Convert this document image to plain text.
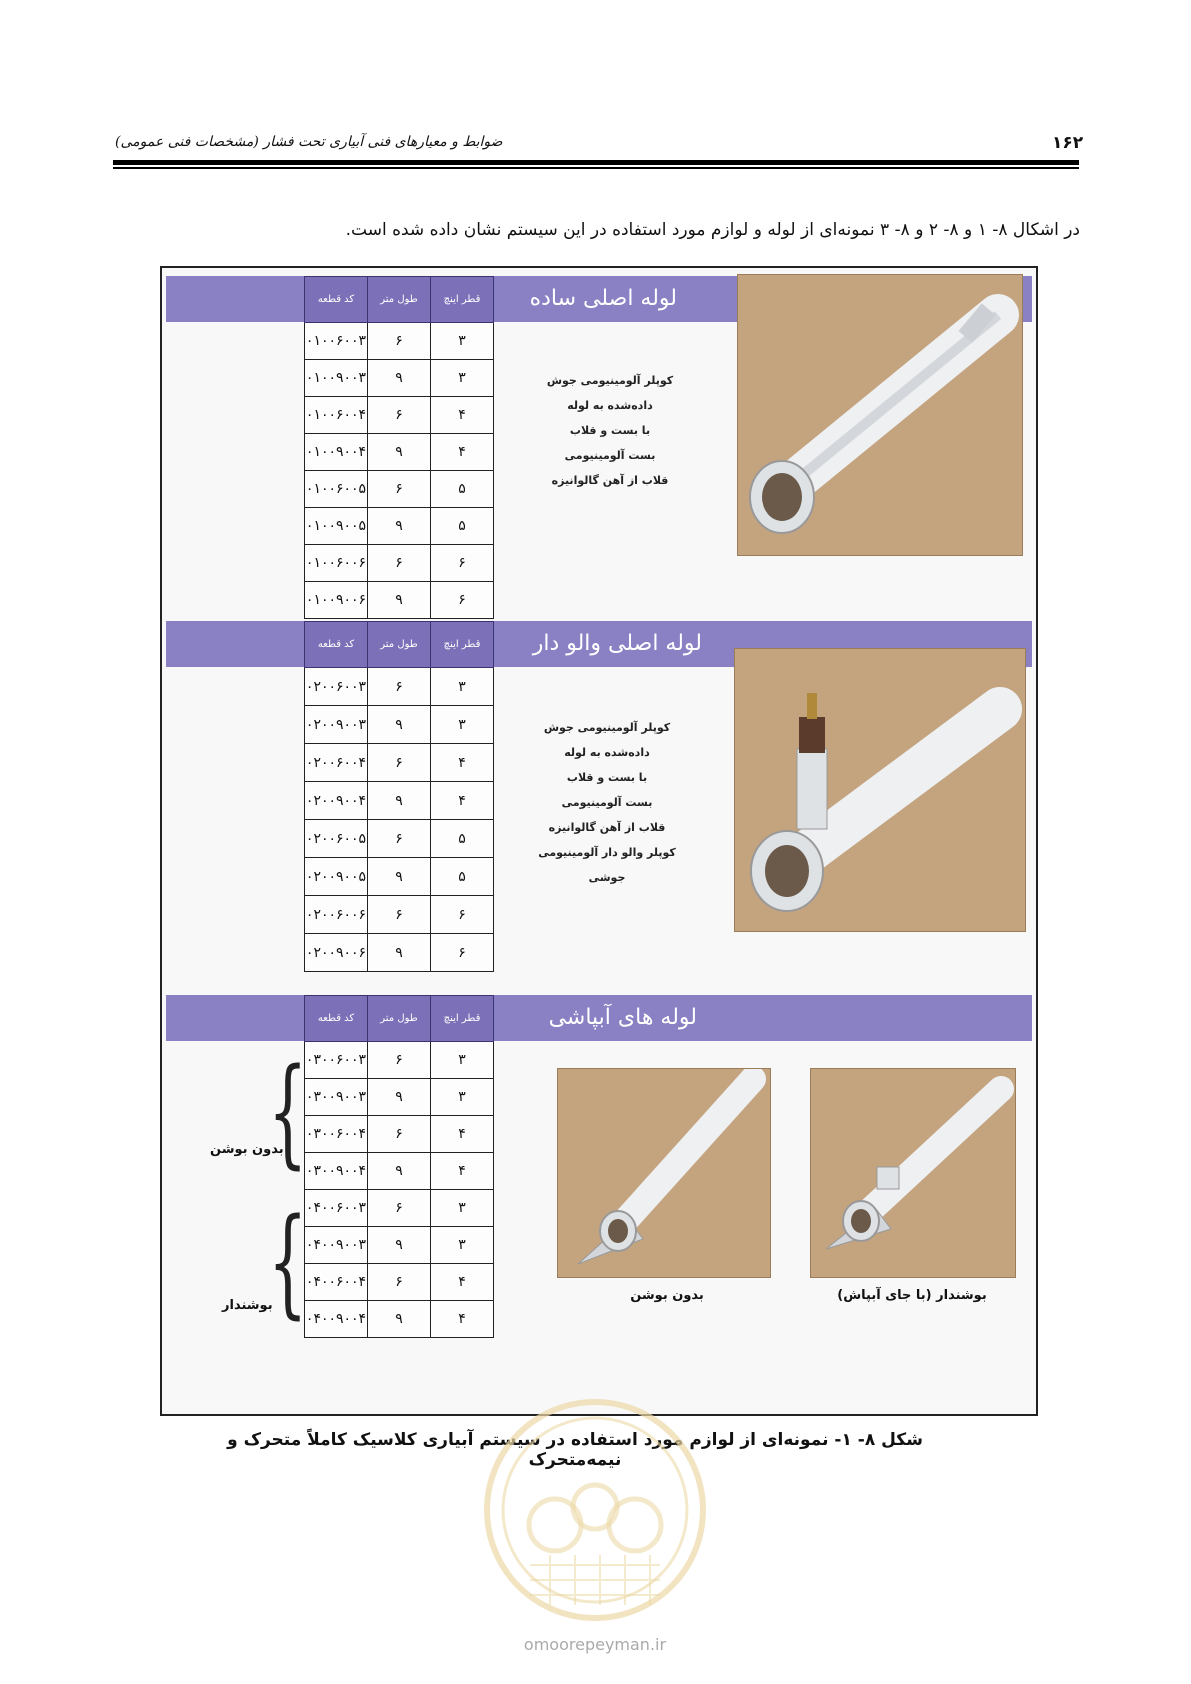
۱۶۲
ضوابط و معیارهای فنی آبیاری تحت فشار (مشخصات فنی عمومی)
در اشکال ۸- ۱ و ۸- ۲ و ۸- ۳ نمونه‌ای از لوله و لوازم مورد استفاده در این سیستم نشان داده شده است.
لوله اصلی ساده
کد قطعه	طول متر	قطر اینچ
۰۱۰۰۶۰۰۳	۶	۳
۰۱۰۰۹۰۰۳	۹	۳
۰۱۰۰۶۰۰۴	۶	۴
۰۱۰۰۹۰۰۴	۹	۴
۰۱۰۰۶۰۰۵	۶	۵
۰۱۰۰۹۰۰۵	۹	۵
۰۱۰۰۶۰۰۶	۶	۶
۰۱۰۰۹۰۰۶	۹	۶
کوپلر آلومینیومی جوش داده‌شده به لوله
با بست و قلاب
بست آلومینیومی
قلاب از آهن گالوانیزه
لوله اصلی والو دار
کد قطعه	طول متر	قطر اینچ
۰۲۰۰۶۰۰۳	۶	۳
۰۲۰۰۹۰۰۳	۹	۳
۰۲۰۰۶۰۰۴	۶	۴
۰۲۰۰۹۰۰۴	۹	۴
۰۲۰۰۶۰۰۵	۶	۵
۰۲۰۰۹۰۰۵	۹	۵
۰۲۰۰۶۰۰۶	۶	۶
۰۲۰۰۹۰۰۶	۹	۶
کوپلر آلومینیومی جوش داده‌شده به لوله
با بست و قلاب
بست آلومینیومی
قلاب از آهن گالوانیزه
کوپلر والو دار آلومینیومی جوشی
لوله های آبپاشی
کد قطعه	طول متر	قطر اینچ
۰۳۰۰۶۰۰۳	۶	۳
۰۳۰۰۹۰۰۳	۹	۳
۰۳۰۰۶۰۰۴	۶	۴
۰۳۰۰۹۰۰۴	۹	۴
۰۴۰۰۶۰۰۳	۶	۳
۰۴۰۰۹۰۰۳	۹	۳
۰۴۰۰۶۰۰۴	۶	۴
۰۴۰۰۹۰۰۴	۹	۴
{
بدون بوشن
{
بوشندار
بدون بوشن	بوشندار (با جای آبپاش)
شکل ۸- ۱- نمونه‌ای از لوازم مورد استفاده در سیستم آبیاری کلاسیک کاملاً متحرک و نیمه‌متحرک
omoorepeyman.ir
